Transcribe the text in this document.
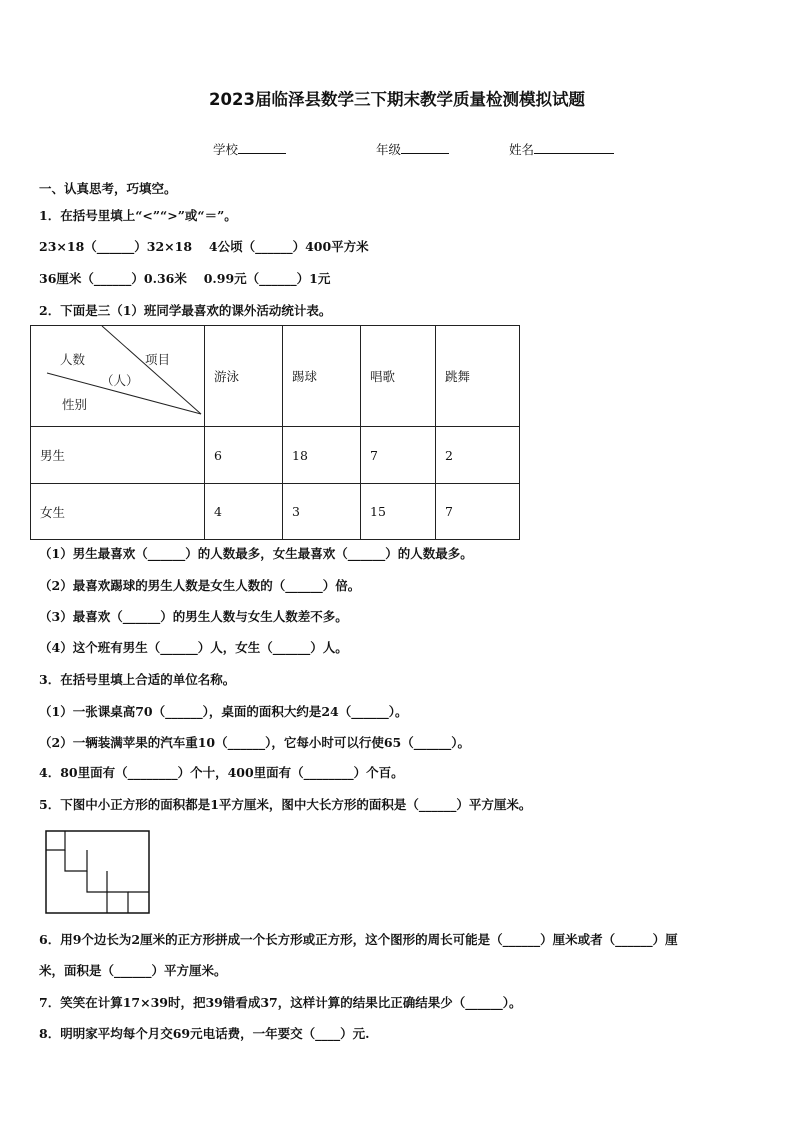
2023届临泽县数学三下期末教学质量检测模拟试题
学校	年级	姓名
一、认真思考，巧填空。
1．在括号里填上“<”“>”或“＝”。
23×18（______）32×18　 4公顷（______）400平方米
36厘米（______）0.36米　 0.99元（______）1元
2．下面是三（1）班同学最喜欢的课外活动统计表。
人数 项目
（人）
性别	游泳	踢球	唱歌	跳舞
男生	6	18	7	2
女生	4	3	15	7
（1）男生最喜欢（______）的人数最多，女生最喜欢（______）的人数最多。
（2）最喜欢踢球的男生人数是女生人数的（______）倍。
（3）最喜欢（______）的男生人数与女生人数差不多。
（4）这个班有男生（______）人，女生（______）人。
3．在括号里填上合适的单位名称。
（1）一张课桌高70（______），桌面的面积大约是24（______）。
（2）一辆装满苹果的汽车重10（______），它每小时可以行使65（______）。
4．80里面有（________）个十，400里面有（________）个百。
5．下图中小正方形的面积都是1平方厘米，图中大长方形的面积是（______）平方厘米。
6．用9个边长为2厘米的正方形拼成一个长方形或正方形，这个图形的周长可能是（______）厘米或者（______）厘
米，面积是（______）平方厘米。
7．笑笑在计算17×39时，把39错看成37，这样计算的结果比正确结果少（______）。
8．明明家平均每个月交69元电话费，一年要交（____）元.
